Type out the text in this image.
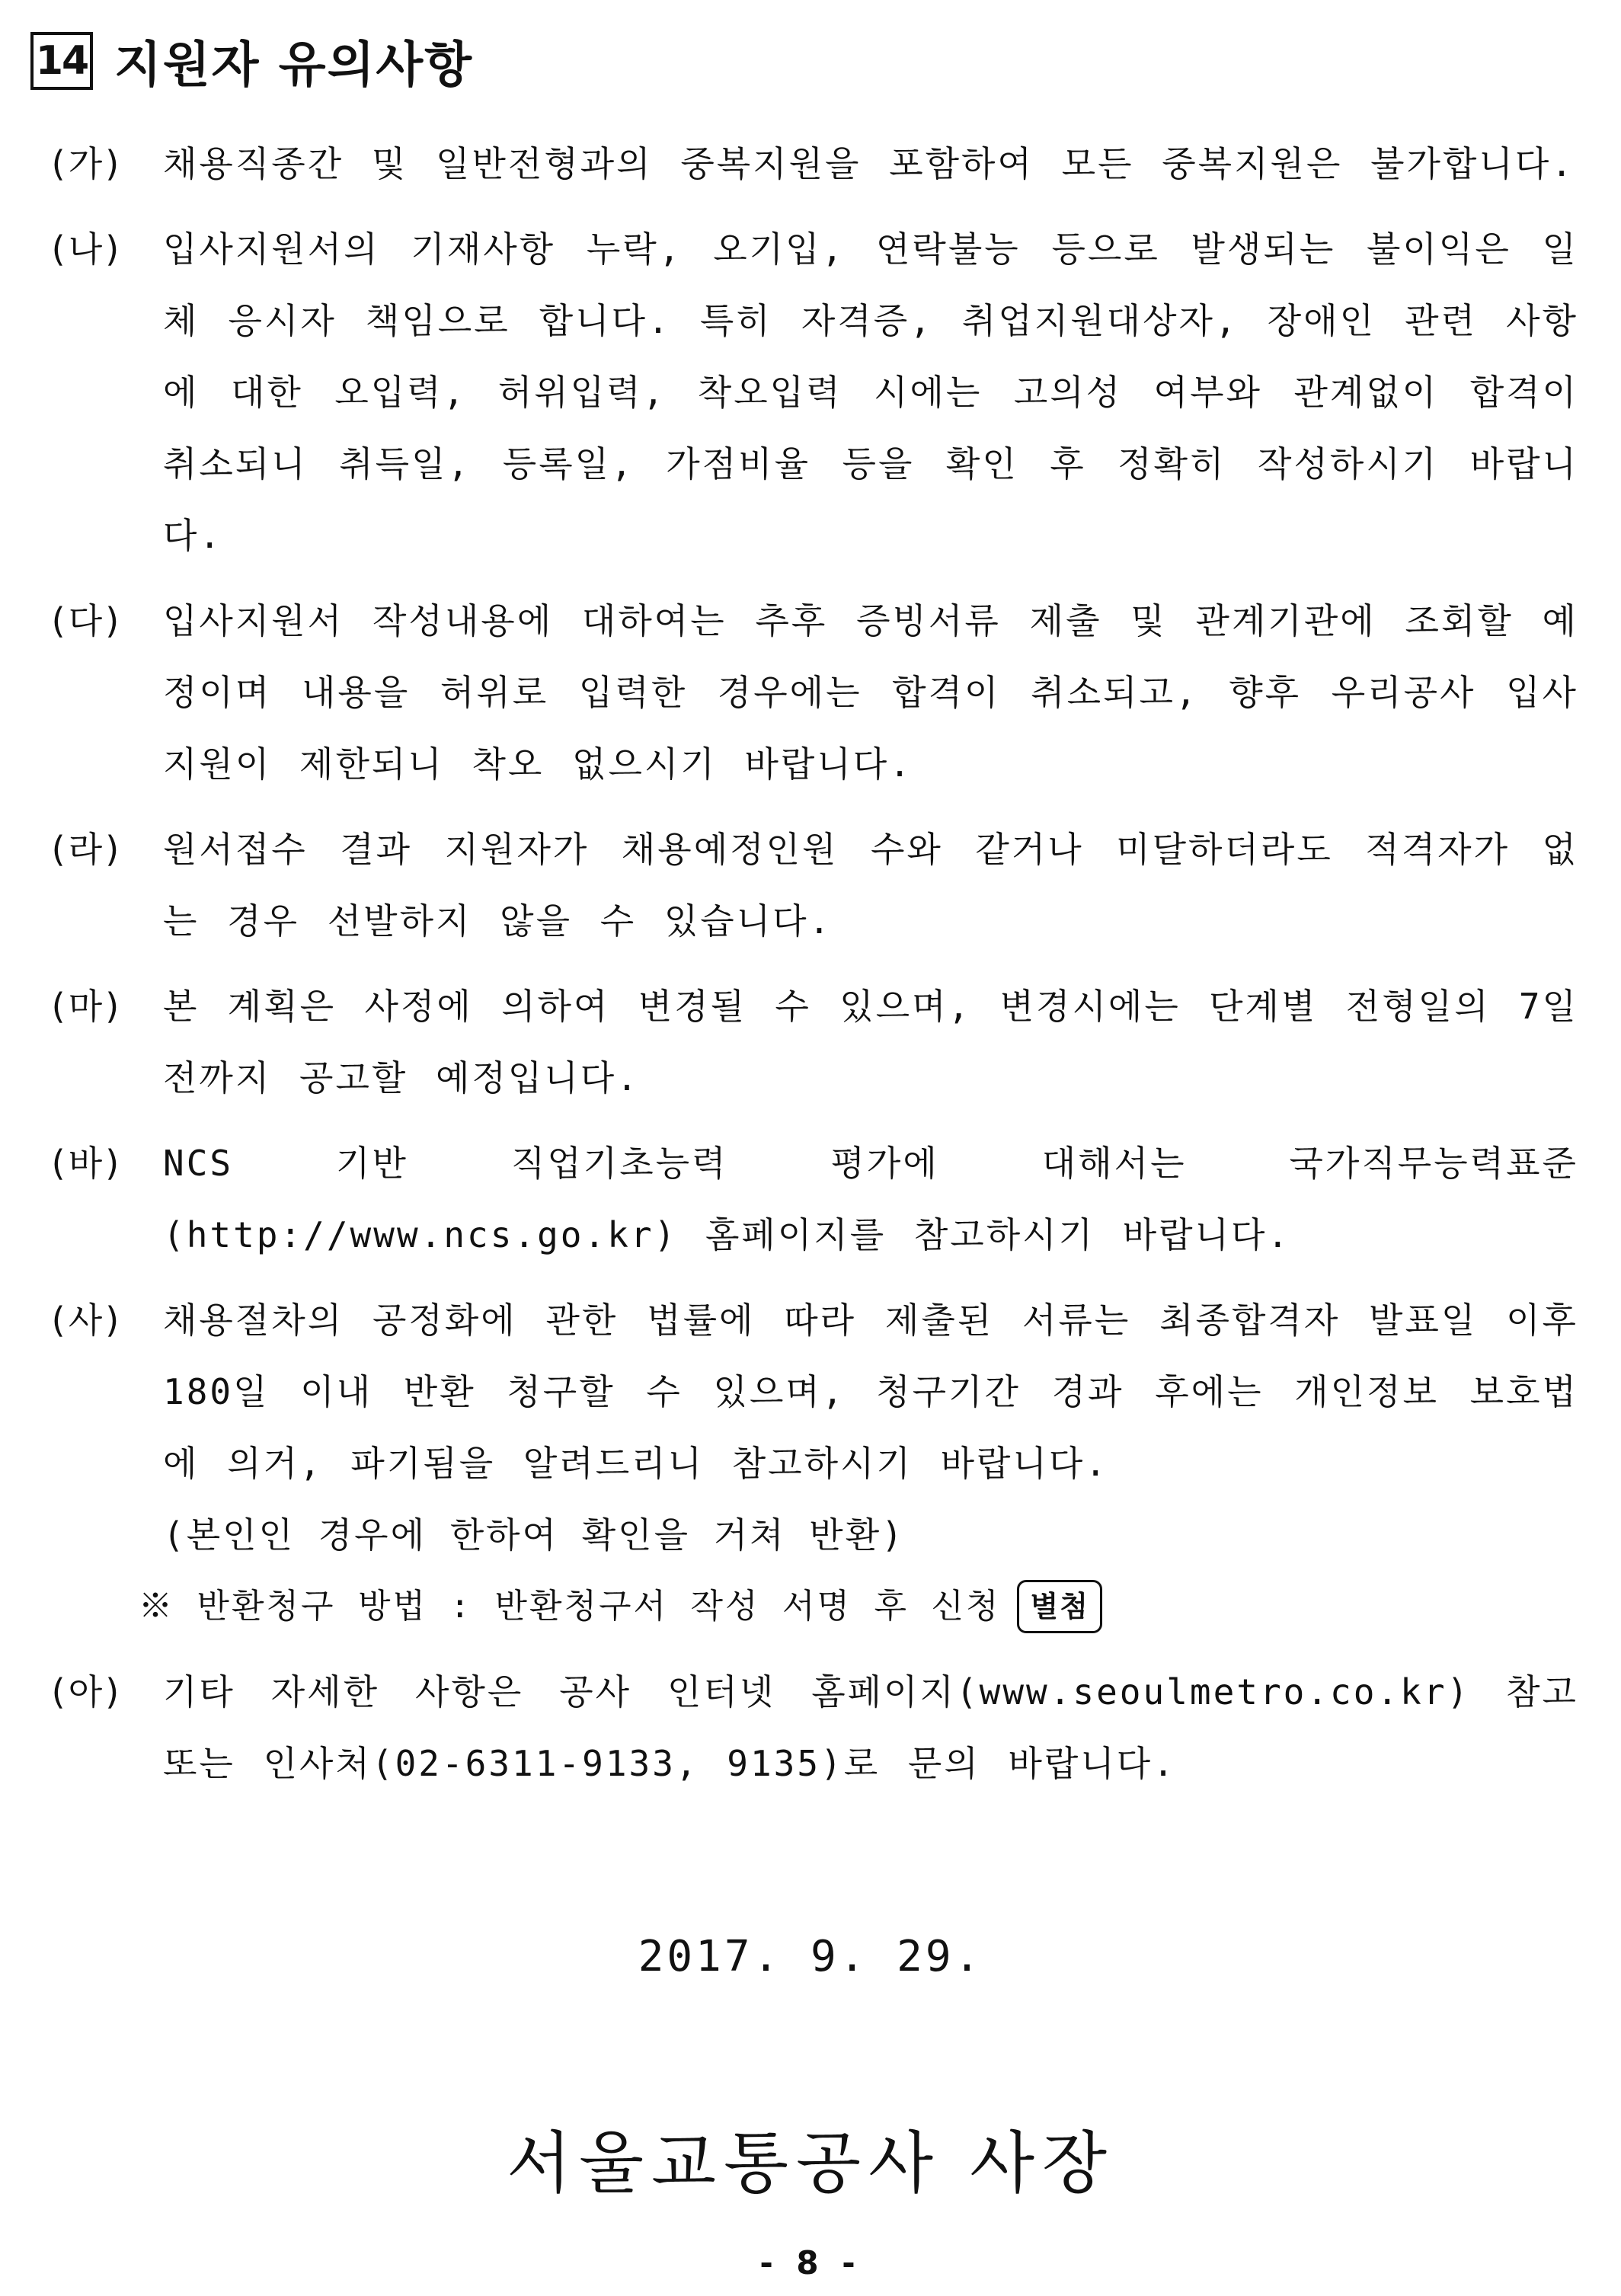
14 지원자 유의사항
(가)	채용직종간 및 일반전형과의 중복지원을 포함하여 모든 중복지원은 불가합니다.
(나)	입사지원서의 기재사항 누락, 오기입, 연락불능 등으로 발생되는 불이익은 일체 응시자 책임으로 합니다. 특히 자격증, 취업지원대상자, 장애인 관련 사항에 대한 오입력, 허위입력, 착오입력 시에는 고의성 여부와 관계없이 합격이 취소되니 취득일, 등록일, 가점비율 등을 확인 후 정확히 작성하시기 바랍니다.
(다)	입사지원서 작성내용에 대하여는 추후 증빙서류 제출 및 관계기관에 조회할 예정이며 내용을 허위로 입력한 경우에는 합격이 취소되고, 향후 우리공사 입사지원이 제한되니 착오 없으시기 바랍니다.
(라)	원서접수 결과 지원자가 채용예정인원 수와 같거나 미달하더라도 적격자가 없는 경우 선발하지 않을 수 있습니다.
(마)	본 계획은 사정에 의하여 변경될 수 있으며, 변경시에는 단계별 전형일의 7일전까지 공고할 예정입니다.
(바)	NCS 기반 직업기초능력 평가에 대해서는 국가직무능력표준(http://www.ncs.go.kr) 홈페이지를 참고하시기 바랍니다.
(사)	채용절차의 공정화에 관한 법률에 따라 제출된 서류는 최종합격자 발표일 이후 180일 이내 반환 청구할 수 있으며, 청구기간 경과 후에는 개인정보 보호법에 의거, 파기됨을 알려드리니 참고하시기 바랍니다.
(본인인 경우에 한하여 확인을 거쳐 반환)
※ 반환청구 방법 : 반환청구서 작성 서명 후 신청	별첨
(아)	기타 자세한 사항은 공사 인터넷 홈페이지(www.seoulmetro.co.kr) 참고 또는 인사처(02-6311-9133, 9135)로 문의 바랍니다.
2017. 9. 29.
서울교통공사 사장
- 8 -
